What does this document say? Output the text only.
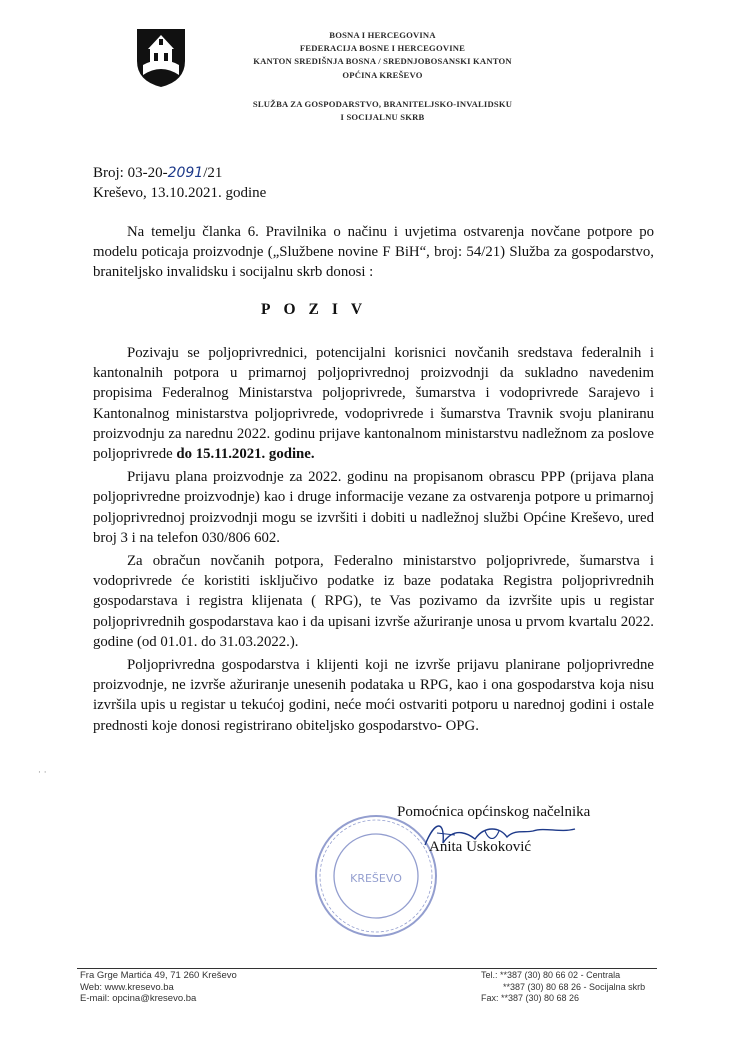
BOSNA I HERCEGOVINA
FEDERACIJA BOSNE I HERCEGOVINE
KANTON SREDIŠNJA BOSNA / SREDNJOBOSANSKI KANTON
OPĆINA KREŠEVO
SLUŽBA ZA GOSPODARSTVO, BRANITELJSKO-INVALIDSKU
I SOCIJALNU SKRB
Broj: 03-20-2091/21
Kreševo, 13.10.2021. godine

Na temelju članka 6. Pravilnika o načinu i uvjetima ostvarenja novčane potpore po modelu poticaja proizvodnje („Službene novine F BiH“, broj: 54/21) Služba za gospodarstvo, braniteljsko invalidsku i socijalnu skrb donosi :

POZIV

Pozivaju se poljoprivrednici, potencijalni korisnici novčanih sredstava federalnih i kantonalnih potpora u primarnoj poljoprivrednoj proizvodnji da sukladno navedenim propisima Federalnog Ministarstva poljoprivrede, šumarstva i vodoprivrede Sarajevo i Kantonalnog ministarstva poljoprivrede, vodoprivrede i šumarstva Travnik svoju planiranu proizvodnju za narednu 2022. godinu prijave kantonalnom ministarstvu nadležnom za poslove poljoprivrede do 15.11.2021. godine.

Prijavu plana proizvodnje za 2022. godinu na propisanom obrascu PPP (prijava plana poljoprivredne proizvodnje) kao i druge informacije vezane za ostvarenja potpore u primarnoj poljoprivrednoj proizvodnji mogu se izvršiti i dobiti u nadležnoj službi Općine Kreševo, ured broj 3 i na telefon 030/806 602.

Za obračun novčanih potpora, Federalno ministarstvo poljoprivrede, šumarstva i vodoprivrede će koristiti isključivo podatke iz baze podataka Registra poljoprivrednih gospodarstava i registra klijenata ( RPG), te Vas pozivamo da izvršite upis u registar poljoprivrednih gospodarstava kao i da upisani izvrše ažuriranje unosa u prvom kvartalu 2022. godine (od 01.01. do 31.03.2022.).

Poljoprivredna gospodarstva i klijenti koji ne izvrše prijavu planirane poljoprivredne proizvodnje, ne izvrše ažuriranje unesenih podataka u RPG, kao i ona gospodarstva koja nisu izvršila upis u registar u tekućoj godini, neće moći ostvariti potporu u narednoj godini i ostale prednosti koje donosi registrirano obiteljsko gospodarstvo- OPG.

KREŠEVO
Pomoćnica općinskog načelnika
Anita Uskoković
· ·
Fra Grge Martića 49, 71 260 Kreševo
Web: www.kresevo.ba
E-mail: opcina@kresevo.ba
Tel.: **387 (30) 80 66 02 - Centrala
**387 (30) 80 68 26 - Socijalna skrb
Fax: **387 (30) 80 68 26
